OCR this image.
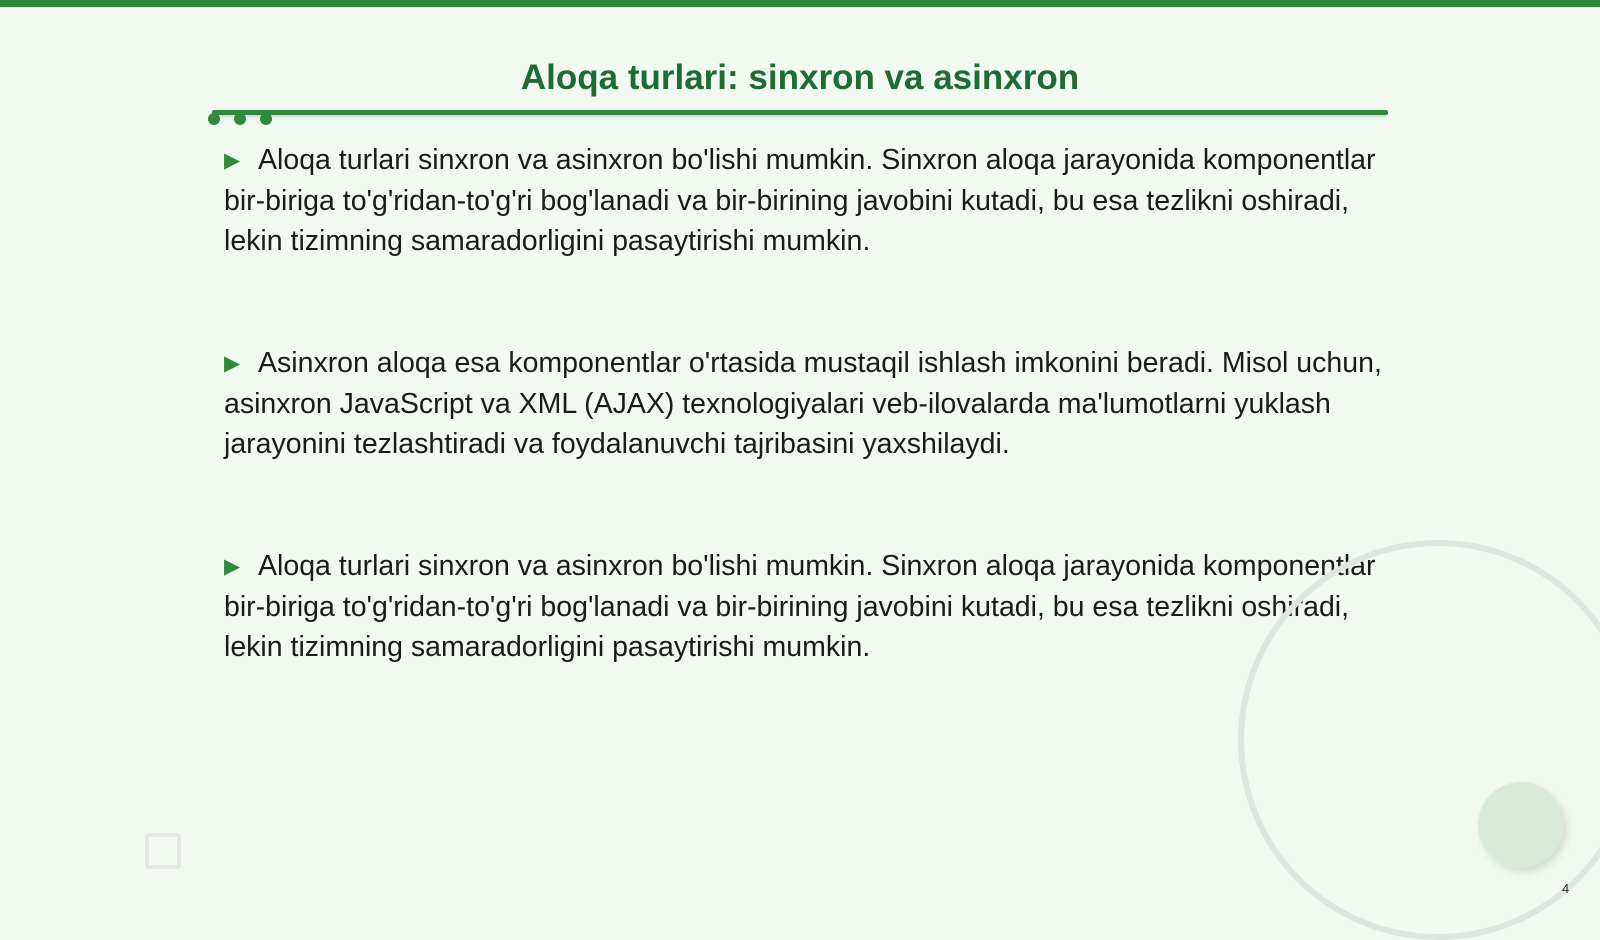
Aloqa turlari: sinxron va asinxron

▶ Aloqa turlari sinxron va asinxron bo'lishi mumkin. Sinxron aloqa jarayonida komponentlar bir-biriga to'g'ridan-to'g'ri bog'lanadi va bir-birining javobini kutadi, bu esa tezlikni oshiradi, lekin tizimning samaradorligini pasaytirishi mumkin.

▶ Asinxron aloqa esa komponentlar o'rtasida mustaqil ishlash imkonini beradi. Misol uchun, asinxron JavaScript va XML (AJAX) texnologiyalari veb-ilovalarda ma'lumotlarni yuklash jarayonini tezlashtiradi va foydalanuvchi tajribasini yaxshilaydi.

▶ Aloqa turlari sinxron va asinxron bo'lishi mumkin. Sinxron aloqa jarayonida komponentlar bir-biriga to'g'ridan-to'g'ri bog'lanadi va bir-birining javobini kutadi, bu esa tezlikni oshiradi, lekin tizimning samaradorligini pasaytirishi mumkin.

4
